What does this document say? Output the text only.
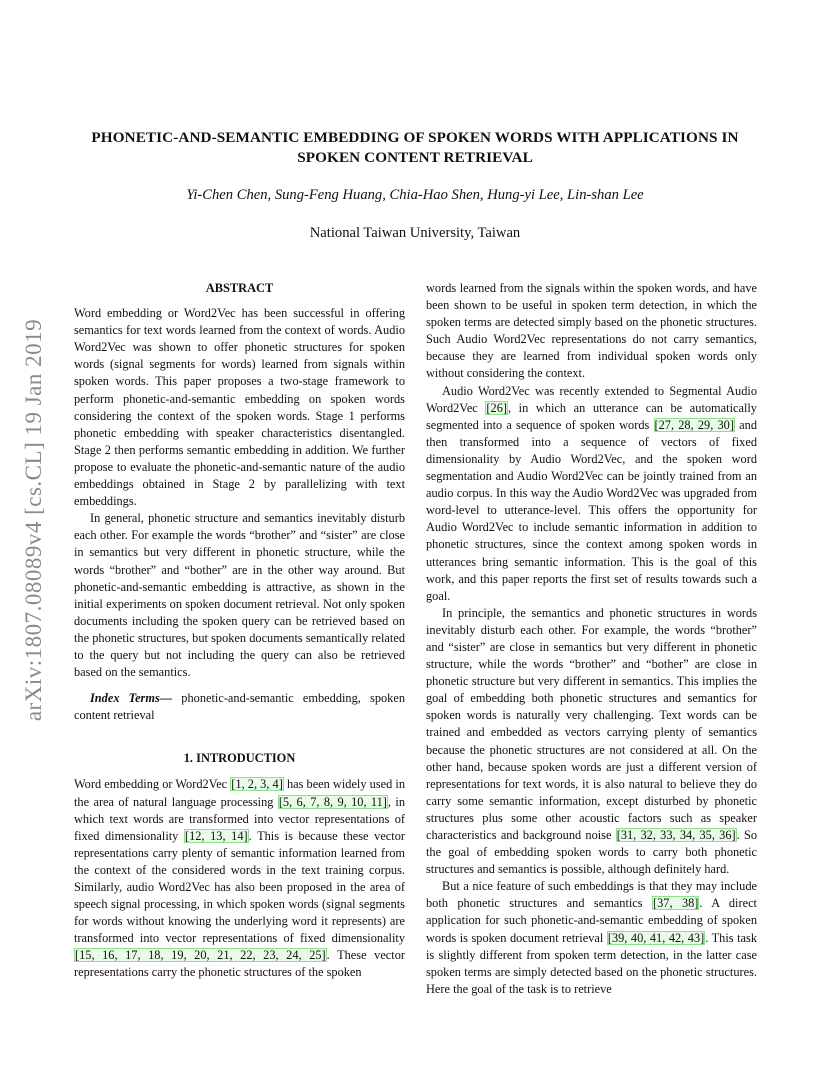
arXiv:1807.08089v4 [cs.CL] 19 Jan 2019
PHONETIC-AND-SEMANTIC EMBEDDING OF SPOKEN WORDS WITH APPLICATIONS IN
SPOKEN CONTENT RETRIEVAL
Yi-Chen Chen, Sung-Feng Huang, Chia-Hao Shen, Hung-yi Lee, Lin-shan Lee
National Taiwan University, Taiwan
ABSTRACT

Word embedding or Word2Vec has been successful in offering semantics for text words learned from the context of words. Audio Word2Vec was shown to offer phonetic structures for spoken words (signal segments for words) learned from signals within spoken words. This paper proposes a two-stage framework to perform phonetic-and-semantic embedding on spoken words considering the context of the spoken words. Stage 1 performs phonetic embedding with speaker characteristics disentangled. Stage 2 then performs semantic embedding in addition. We further propose to evaluate the phonetic-and-semantic nature of the audio embeddings obtained in Stage 2 by parallelizing with text embeddings.

In general, phonetic structure and semantics inevitably disturb each other. For example the words “brother” and “sister” are close in semantics but very different in phonetic structure, while the words “brother” and “bother” are in the other way around. But phonetic-and-semantic embedding is attractive, as shown in the initial experiments on spoken document retrieval. Not only spoken documents including the spoken query can be retrieved based on the phonetic structures, but spoken documents semantically related to the query but not including the query can also be retrieved based on the semantics.

Index Terms— phonetic-and-semantic embedding, spoken content retrieval

1. INTRODUCTION

Word embedding or Word2Vec [1, 2, 3, 4] has been widely used in the area of natural language processing [5, 6, 7, 8, 9, 10, 11], in which text words are transformed into vector representations of fixed dimensionality [12, 13, 14]. This is because these vector representations carry plenty of semantic information learned from the context of the considered words in the text training corpus. Similarly, audio Word2Vec has also been proposed in the area of speech signal processing, in which spoken words (signal segments for words without knowing the underlying word it represents) are transformed into vector representations of fixed dimensionality [15, 16, 17, 18, 19, 20, 21, 22, 23, 24, 25]. These vector representations carry the phonetic structures of the spoken

words learned from the signals within the spoken words, and have been shown to be useful in spoken term detection, in which the spoken terms are detected simply based on the phonetic structures. Such Audio Word2Vec representations do not carry semantics, because they are learned from individual spoken words only without considering the context.

Audio Word2Vec was recently extended to Segmental Audio Word2Vec [26], in which an utterance can be automatically segmented into a sequence of spoken words [27, 28, 29, 30] and then transformed into a sequence of vectors of fixed dimensionality by Audio Word2Vec, and the spoken word segmentation and Audio Word2Vec can be jointly trained from an audio corpus. In this way the Audio Word2Vec was upgraded from word-level to utterance-level. This offers the opportunity for Audio Word2Vec to include semantic information in addition to phonetic structures, since the context among spoken words in utterances bring semantic information. This is the goal of this work, and this paper reports the first set of results towards such a goal.

In principle, the semantics and phonetic structures in words inevitably disturb each other. For example, the words “brother” and “sister” are close in semantics but very different in phonetic structure, while the words “brother” and “bother” are close in phonetic structure but very different in semantics. This implies the goal of embedding both phonetic structures and semantics for spoken words is naturally very challenging. Text words can be trained and embedded as vectors carrying plenty of semantics because the phonetic structures are not considered at all. On the other hand, because spoken words are just a different version of representations for text words, it is also natural to believe they do carry some semantic information, except disturbed by phonetic structures plus some other acoustic factors such as speaker characteristics and background noise [31, 32, 33, 34, 35, 36]. So the goal of embedding spoken words to carry both phonetic structures and semantics is possible, although definitely hard.

But a nice feature of such embeddings is that they may include both phonetic structures and semantics [37, 38]. A direct application for such phonetic-and-semantic embedding of spoken words is spoken document retrieval [39, 40, 41, 42, 43]. This task is slightly different from spoken term detection, in the latter case spoken terms are simply detected based on the phonetic structures. Here the goal of the task is to retrieve
